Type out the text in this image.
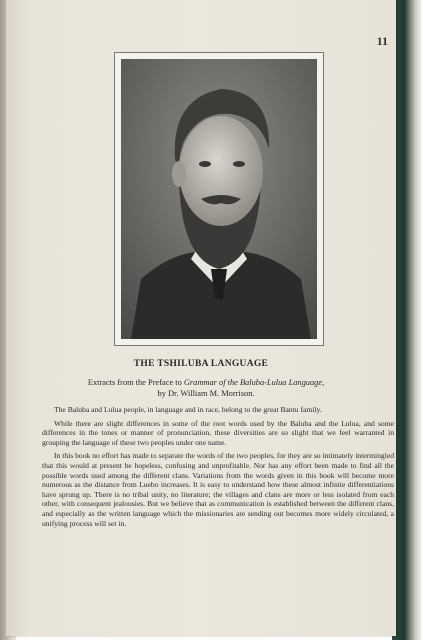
11
THE TSHILUBA LANGUAGE
Extracts from the Preface to Grammar of the Baluba-Lulua Language,
by Dr. William M. Morrison.

The Baluba and Lulua people, in language and in race, belong to the great Bantu family.

While there are slight differences in some of the root words used by the Baluba and the Lulua, and some differences in the tones or manner of pronunciation, these diversities are so slight that we feel warranted in grouping the language of these two peoples under one name.

In this book no effort has made to separate the words of the two peoples, for they are so intimately intermingled that this would at present be hopeless, confusing and unprofitable. Nor has any effort been made to find all the possible words used among the different clans. Variations from the words given in this book will become more numerous as the distance from Luebo increases. It is easy to understand how these almost infinite differentiations have sprung up. There is no tribal unity, no literature; the villages and clans are more or less isolated from each other, with consequent jealousies. But we believe that as communication is established between the different clans, and especially as the written language which the missionaries are sending out becomes more widely circulated, a unifying process will set in.
